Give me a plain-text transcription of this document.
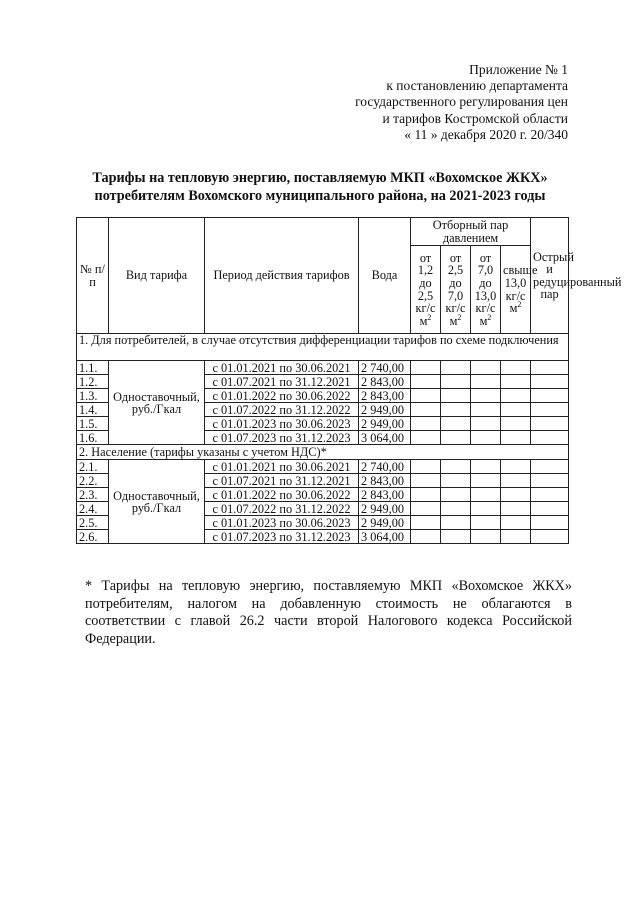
Приложение № 1
к постановлению департамента
государственного регулирования цен
и тарифов Костромской области
« 11 » декабря 2020 г. 20/340
Тарифы на тепловую энергию, поставляемую МКП «Вохомское ЖКХ»
потребителям Вохомского муниципального района, на 2021-2023 годы
№ п/п	Вид тарифа	Период действия тарифов	Вода	Отборный пар давлением				Острый и редуцированный пар
				от 1,2 до 2,5 кг/с $м^2$	от 2,5 до 7,0 кг/с $м^2$	от 7,0 до 13,0 кг/с $м^2$	свыше 13,0 кг/с $м^2$
1. Для потребителей, в случае отсутствия дифференциации тарифов по схеме подключения								
1.1.	Одноставочный, руб./Гкал	с 01.01.2021 по 30.06.2021	2 740,00					
1.2.		с 01.07.2021 по 31.12.2021	2 843,00					
1.3.		с 01.01.2022 по 30.06.2022	2 843,00					
1.4.		с 01.07.2022 по 31.12.2022	2 949,00					
1.5.		с 01.01.2023 по 30.06.2023	2 949,00					
1.6.		с 01.07.2023 по 31.12.2023	3 064,00					
2. Население (тарифы указаны с учетом НДС)*								
2.1.	Одноставочный, руб./Гкал	с 01.01.2021 по 30.06.2021	2 740,00					
2.2.		с 01.07.2021 по 31.12.2021	2 843,00					
2.3.		с 01.01.2022 по 30.06.2022	2 843,00					
2.4.		с 01.07.2022 по 31.12.2022	2 949,00					
2.5.		с 01.01.2023 по 30.06.2023	2 949,00					
2.6.		с 01.07.2023 по 31.12.2023	3 064,00					
* Тарифы на тепловую энергию, поставляемую МКП «Вохомское ЖКХ» потребителям, налогом на добавленную стоимость не облагаются в соответствии с главой 26.2 части второй Налогового кодекса Российской Федерации.
